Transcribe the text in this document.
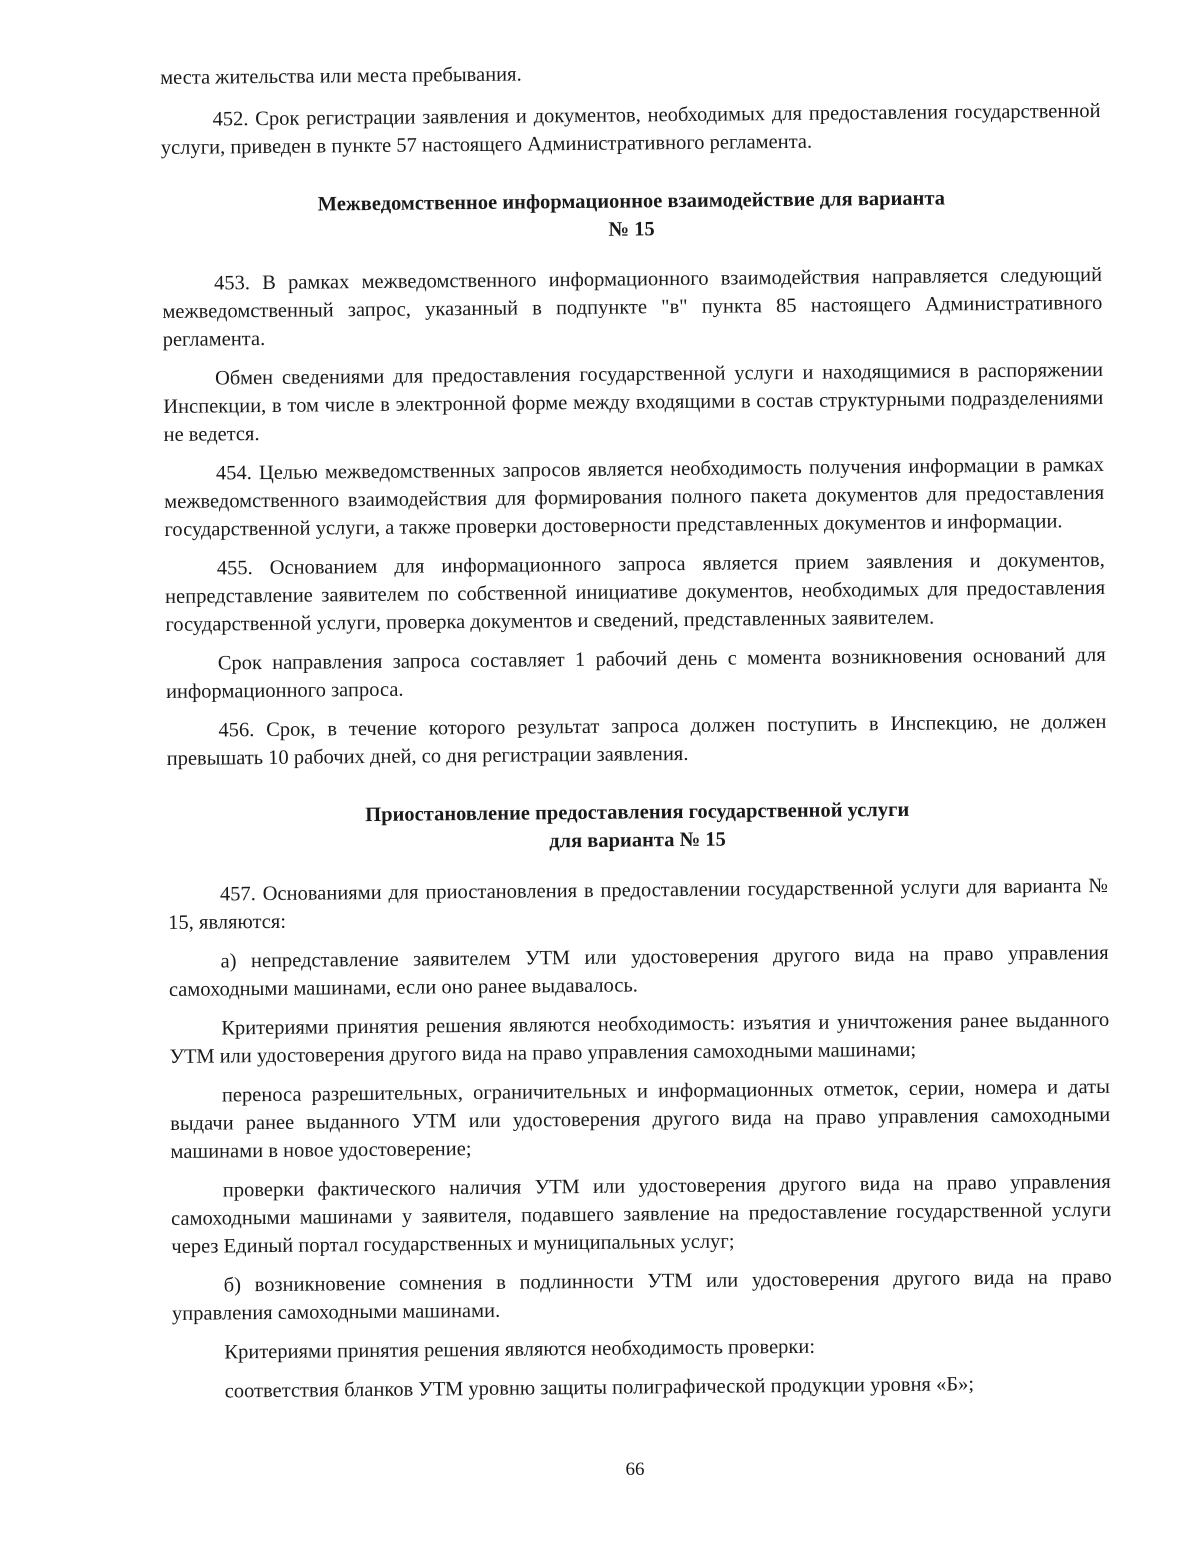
места жительства или места пребывания.

452. Срок регистрации заявления и документов, необходимых для предоставления государственной услуги, приведен в пункте 57 настоящего Административного регламента.

Межведомственное информационное взаимодействие для варианта
№ 15

453. В рамках межведомственного информационного взаимодействия направляется следующий межведомственный запрос, указанный в подпункте "в" пункта 85 настоящего Административного регламента.

Обмен сведениями для предоставления государственной услуги и находящимися в распоряжении Инспекции, в том числе в электронной форме между входящими в состав структурными подразделениями не ведется.

454. Целью межведомственных запросов является необходимость получения информации в рамках межведомственного взаимодействия для формирования полного пакета документов для предоставления государственной услуги, а также проверки достоверности представленных документов и информации.

455. Основанием для информационного запроса является прием заявления и документов, непредставление заявителем по собственной инициативе документов, необходимых для предоставления государственной услуги, проверка документов и сведений, представленных заявителем.

Срок направления запроса составляет 1 рабочий день с момента возникновения оснований для информационного запроса.

456. Срок, в течение которого результат запроса должен поступить в Инспекцию, не должен превышать 10 рабочих дней, со дня регистрации заявления.

Приостановление предоставления государственной услуги
для варианта № 15

457. Основаниями для приостановления в предоставлении государственной услуги для варианта № 15, являются:

а) непредставление заявителем УТМ или удостоверения другого вида на право управления самоходными машинами, если оно ранее выдавалось.

Критериями принятия решения являются необходимость: изъятия и уничтожения ранее выданного УТМ или удостоверения другого вида на право управления самоходными машинами;

переноса разрешительных, ограничительных и информационных отметок, серии, номера и даты выдачи ранее выданного УТМ или удостоверения другого вида на право управления самоходными машинами в новое удостоверение;

проверки фактического наличия УТМ или удостоверения другого вида на право управления самоходными машинами у заявителя, подавшего заявление на предоставление государственной услуги через Единый портал государственных и муниципальных услуг;

б) возникновение сомнения в подлинности УТМ или удостоверения другого вида на право управления самоходными машинами.

Критериями принятия решения являются необходимость проверки:

соответствия бланков УТМ уровню защиты полиграфической продукции уровня «Б»;

66
